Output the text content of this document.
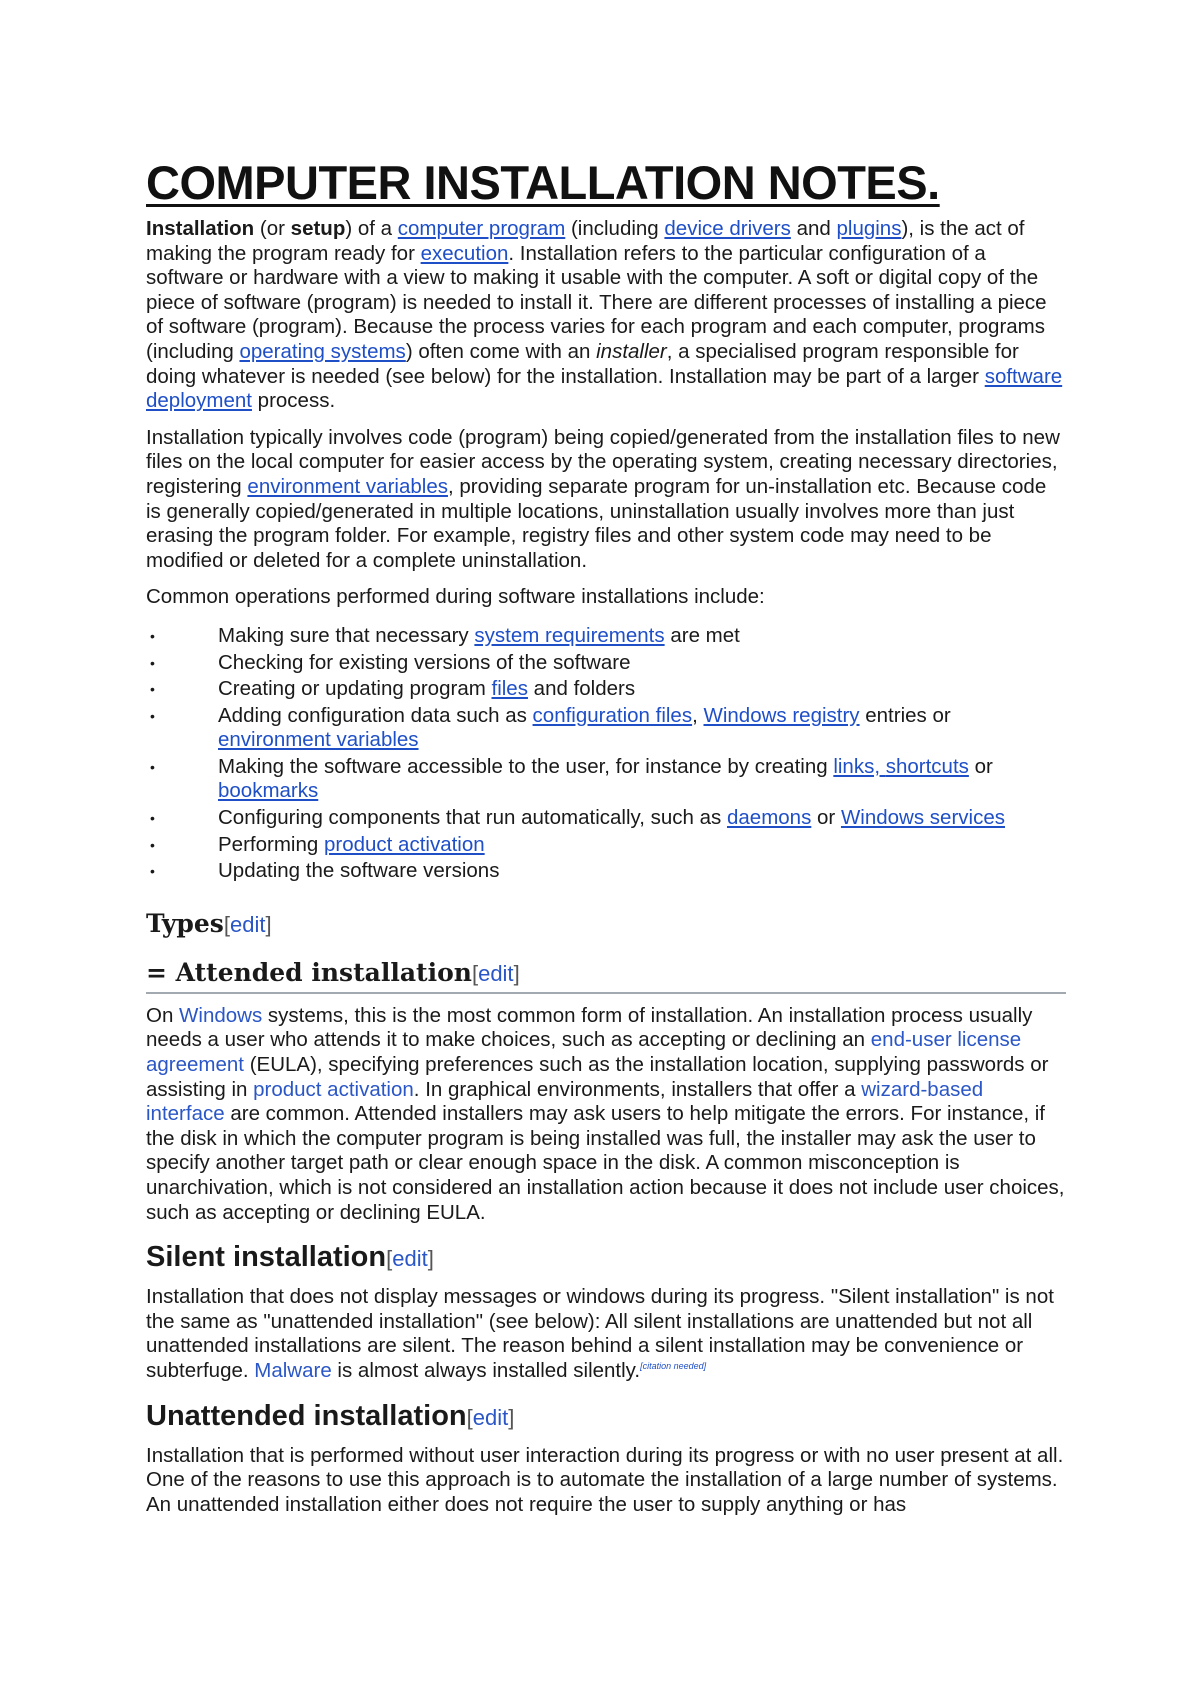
COMPUTER INSTALLATION NOTES.

Installation (or setup) of a computer program (including device drivers and plugins), is the act of making the program ready for execution. Installation refers to the particular configuration of a software or hardware with a view to making it usable with the computer. A soft or digital copy of the piece of software (program) is needed to install it. There are different processes of installing a piece of software (program). Because the process varies for each program and each computer, programs (including operating systems) often come with an installer, a specialised program responsible for doing whatever is needed (see below) for the installation. Installation may be part of a larger software deployment process.

Installation typically involves code (program) being copied/generated from the installation files to new files on the local computer for easier access by the operating system, creating necessary directories, registering environment variables, providing separate program for un-installation etc. Because code is generally copied/generated in multiple locations, uninstallation usually involves more than just erasing the program folder. For example, registry files and other system code may need to be modified or deleted for a complete uninstallation.

Common operations performed during software installations include:

•	Making sure that necessary system requirements are met
•	Checking for existing versions of the software
•	Creating or updating program files and folders
•	Adding configuration data such as configuration files, Windows registry entries or environment variables
•	Making the software accessible to the user, for instance by creating links, shortcuts or bookmarks
•	Configuring components that run automatically, such as daemons or Windows services
•	Performing product activation
•	Updating the software versions
Types[edit]
= Attended installation[edit]

On Windows systems, this is the most common form of installation. An installation process usually needs a user who attends it to make choices, such as accepting or declining an end-user license agreement (EULA), specifying preferences such as the installation location, supplying passwords or assisting in product activation. In graphical environments, installers that offer a wizard-based interface are common. Attended installers may ask users to help mitigate the errors. For instance, if the disk in which the computer program is being installed was full, the installer may ask the user to specify another target path or clear enough space in the disk. A common misconception is unarchivation, which is not considered an installation action because it does not include user choices, such as accepting or declining EULA.

Silent installation[edit]

Installation that does not display messages or windows during its progress. "Silent installation" is not the same as "unattended installation" (see below): All silent installations are unattended but not all unattended installations are silent. The reason behind a silent installation may be convenience or subterfuge. Malware is almost always installed silently.[citation needed]

Unattended installation[edit]

Installation that is performed without user interaction during its progress or with no user present at all. One of the reasons to use this approach is to automate the installation of a large number of systems. An unattended installation either does not require the user to supply anything or has
